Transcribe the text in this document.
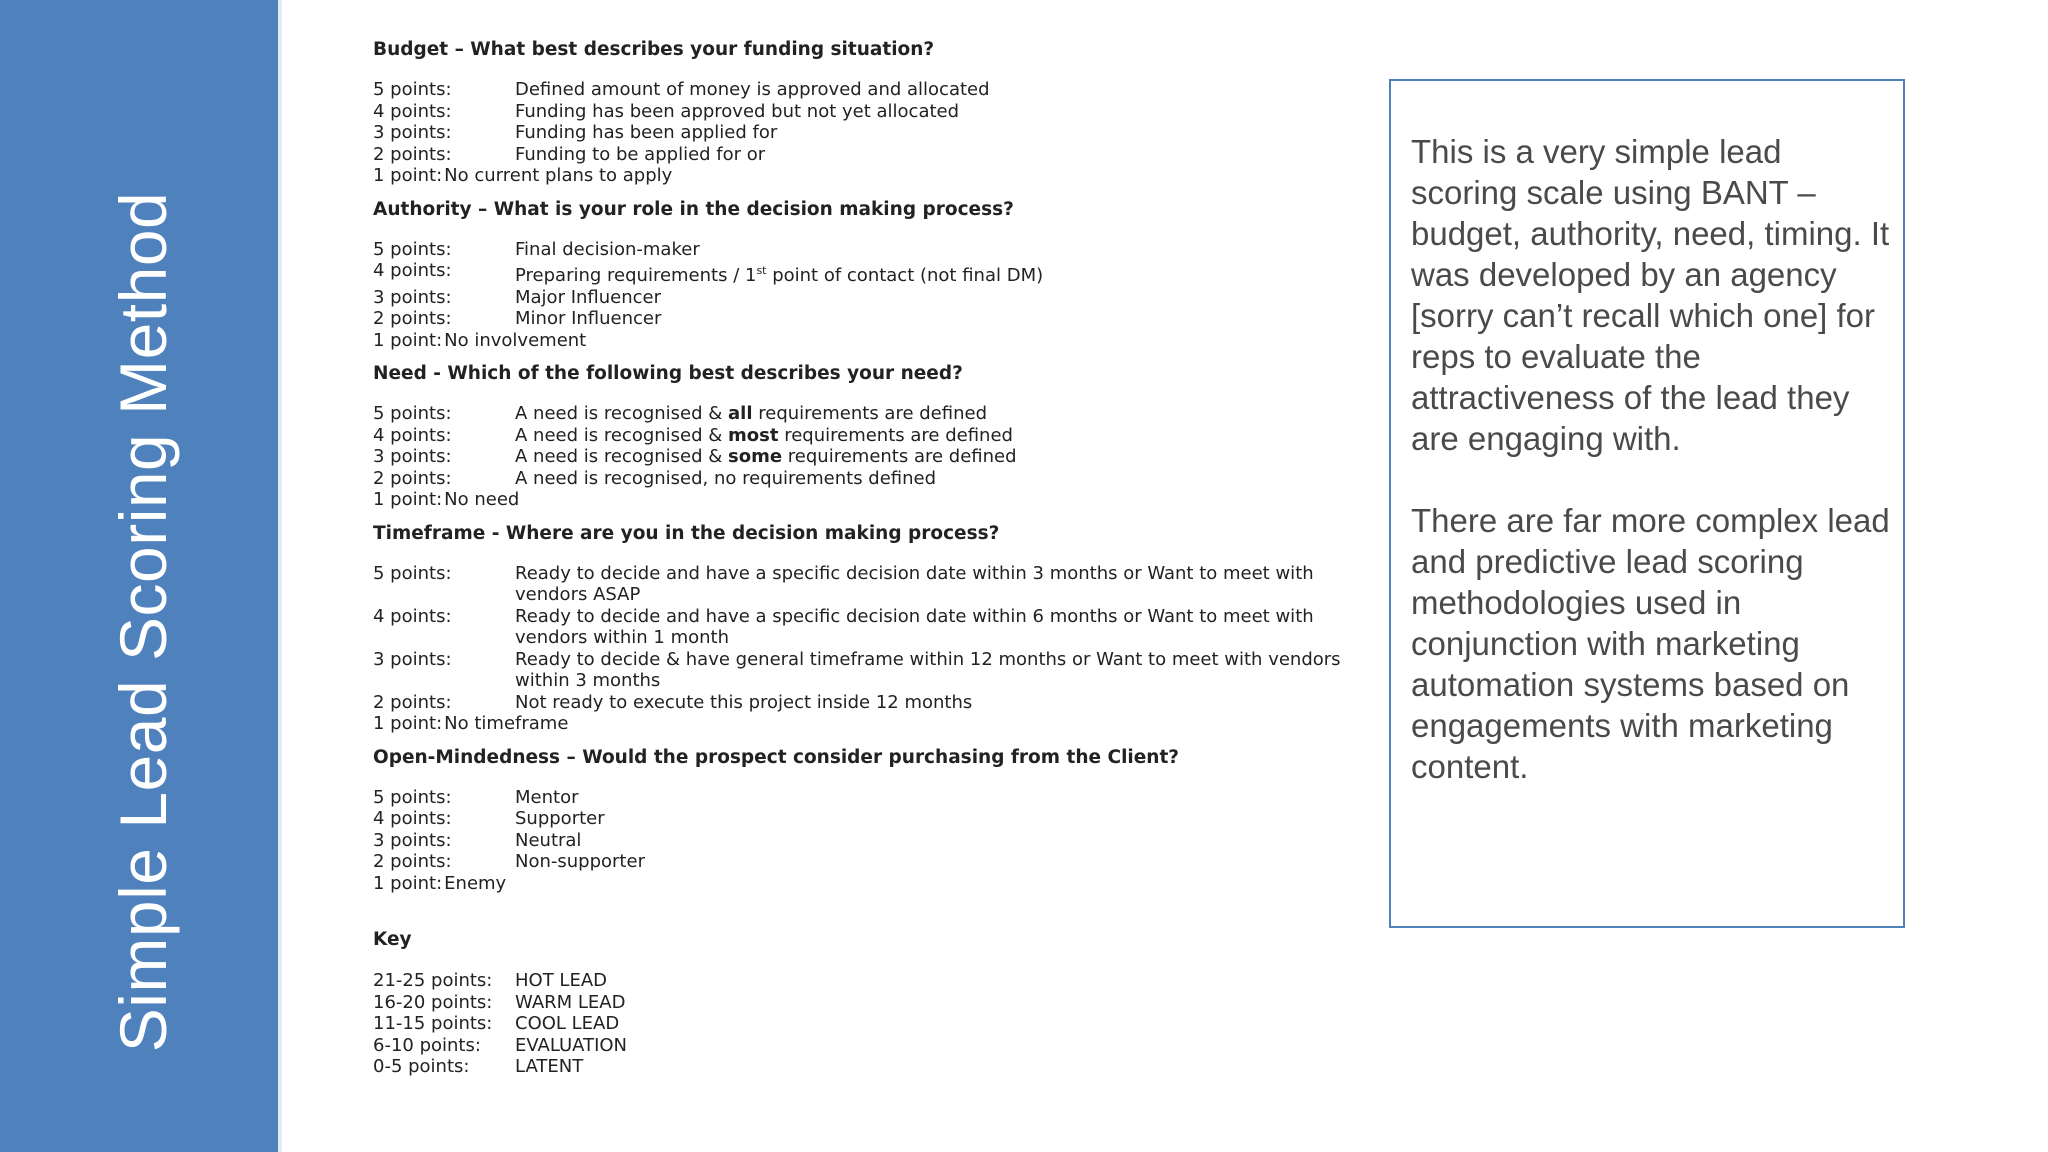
Simple Lead Scoring Method
Budget – What best describes your funding situation?
5 points:	Defined amount of money is approved and allocated
4 points:	Funding has been approved but not yet allocated
3 points:	Funding has been applied for
2 points:	Funding to be applied for or
1 point: No current plans to apply
Authority – What is your role in the decision making process?
5 points:	Final decision-maker
4 points:	Preparing requirements / 1st point of contact (not final DM)
3 points:	Major Influencer
2 points:	Minor Influencer
1 point: No involvement
Need - Which of the following best describes your need?
5 points:	A need is recognised & all requirements are defined
4 points:	A need is recognised & most requirements are defined
3 points:	A need is recognised & some requirements are defined
2 points:	A need is recognised, no requirements defined
1 point: No need
Timeframe - Where are you in the decision making process?
5 points:	Ready to decide and have a specific decision date within 3 months or Want to meet with vendors ASAP
4 points:	Ready to decide and have a specific decision date within 6 months or Want to meet with vendors within 1 month
3 points:	Ready to decide & have general timeframe within 12 months or Want to meet with vendors within 3 months
2 points:	Not ready to execute this project inside 12 months
1 point: No timeframe
Open-Mindedness – Would the prospect consider purchasing from the Client?
5 points:	Mentor
4 points:	Supporter
3 points:	Neutral
2 points:	Non-supporter
1 point: Enemy
Key
21-25 points:	HOT LEAD
16-20 points:	WARM LEAD
11-15 points:	COOL LEAD
6-10 points:	EVALUATION
0-5 points:	LATENT

This is a very simple lead scoring scale using BANT – budget, authority, need, timing. It was developed by an agency [sorry can’t recall which one] for reps to evaluate the attractiveness of the lead they are engaging with.

There are far more complex lead and predictive lead scoring methodologies used in conjunction with marketing automation systems based on engagements with marketing content.
